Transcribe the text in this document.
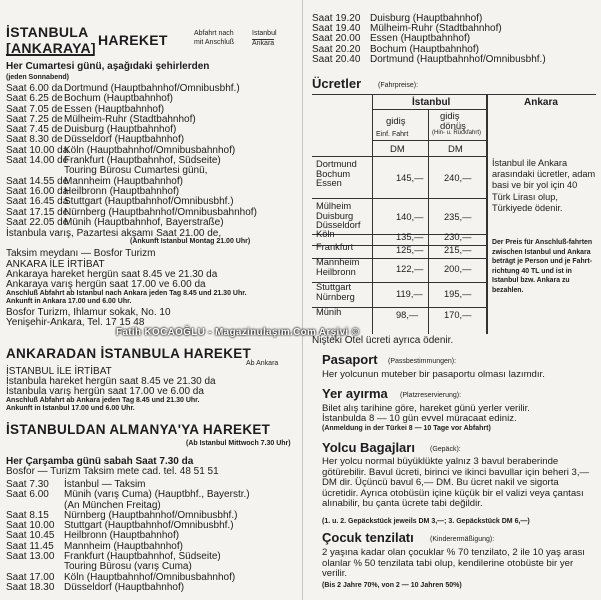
İSTANBULA
[ANKARAYA] HAREKET	Abfahrt nach
mit Anschluß
Istanbul
Ankara
Her Cumartesi günü, aşağıdaki şehirlerden
(jeden Sonnabend)
Saat 6.00 da Dortmund (Hauptbahnhof/Omnibusbhf.)
Saat 6.25 de Bochum (Hauptbahnhof)
Saat 7.05 de Essen (Hauptbahnhof)
Saat 7.25 de Mülheim-Ruhr (Stadtbahnhof)
Saat 7.45 de Duisburg (Hauptbahnhof)
Saat 8.30 de Düsseldorf (Hauptbahnhof)
Saat 10.00 da
Köln (Hauptbahnhof/Omnibusbahnhof)
Saat 14.00 de
Frankfurt (Hauptbahnhof, Südseite)
Touring Bürosu Cumartesi günü,
Saat 14.55 de
Mannheim (Hauptbahnhof)
Saat 16.00 da
Heilbronn (Hauptbahnhof)
Saat 16.45 da
Stuttgart (Hauptbahnhof/Omnibusbhf.)
Saat 17.15 de
Nürnberg (Hauptbahnhof/Omnibusbahnhof)
Saat 22.05 de
Münih (Hauptbahnhof, Bayerstraße)
İstanbula varış, Pazartesi akşamı Saat 21.00 de,
(Ankunft Istanbul Montag 21.00 Uhr)
Taksim meydanı — Bosfor Turizm
ANKARA İLE İRTİBAT
Ankaraya hareket hergün saat 8.45 ve 21.30 da
Ankaraya varış hergün saat 17.00 ve 6.00 da
Anschluß Abfahrt ab Istanbul nach Ankara jeden Tag 8.45 und 21.30 Uhr.
Ankunft in Ankara 17.00 und 6.00 Uhr.
Bosfor Turizm, Ihlamur sokak, No. 10
Yenişehir-Ankara, Tel. 17 15 48
ANKARADAN İSTANBULA HAREKET
Ab Ankara
İSTANBUL İLE İRTİBAT
İstanbula hareket hergün saat 8.45 ve 21.30 da
İstanbula varış hergün saat 17.00 ve 6.00 da
Anschluß Abfahrt ab Ankara jeden Tag 8.45 und 21.30 Uhr.
Ankunft in Istanbul 17.00 und 6.00 Uhr.
İSTANBULDAN ALMANYA'YA HAREKET
(Ab Istanbul Mittwoch 7.30 Uhr)
Her Çarşamba günü sabah Saat 7.30 da
Bosfor — Turizm Taksim mete cad. tel. 48 51 51
Saat 7.30	İstanbul — Taksim
Saat 6.00	Münih (varış Cuma) (Hauptbhf., Bayerstr.)
(An München Freitag)
Saat 8.15	Nürnberg (Hauptbahnhof/Omnibusbhf.)
Saat 10.00 Stuttgart (Hauptbahnhof/Omnibusbhf.)
Saat 10.45 Heilbronn (Hauptbahnhof)
Saat 11.45	Mannheim (Hauptbahnhof)
Saat 13.00 Frankfurt (Hauptbahnhof, Südseite)
Touring Bürosu (varış Cuma)
Saat 17.00 Köln (Hauptbahnhof/Omnibusbahnhof)
Saat 18.30 Düsseldorf (Hauptbahnhof)
Saat 19.20 Duisburg (Hauptbahnhof)
Saat 19.40 Mülheim-Ruhr (Stadtbahnhof)
Saat 20.00 Essen (Hauptbahnhof)
Saat 20.20 Bochum (Hauptbahnhof)
Saat 20.40 Dortmund (Hauptbahnhof/Omnibusbhf.)
Ücretler (Fahrpreise):
İstanbul	Ankara
gidiş	gidiş dönüş
Einf. Fahrt	(Hin- u. Rückfahrt)
DM	DM
Dortmund
Bochum
Essen
145,— 240,—
Mülheim
Duisburg
Düsseldorf
140,— 235,—
Köln	135,— 230,—
Frankfurt	125,— 215,—
Mannheim
Heilbronn	122,— 200,—
Stuttgart
Nürnberg	119,— 195,—
Münih	98,—	170,—
İstanbul ile Ankara arasındaki ücretler, adam basi ve bir yol için 40 Türk Lirası olup, Türkiyede ödenir.
Der Preis für Anschluß-fahrten zwischen Istanbul und Ankara beträgt je Person und je Fahrt-richtung 40 TL und ist in Istanbul bzw. Ankara zu bezahlen.
Nişteki Otel ücreti ayrıca ödenir.
Pasaport (Passbestimmungen):
Her yolcunun muteber bir pasaportu olması lazımdır.
Yer ayırma (Platzreservierung):
Bilet alış tarihine göre, hareket günü yerler verilir.
İstanbulda 8 — 10 gün evvel müracaat ediniz.
(Anmeldung in der Türkei 8 — 10 Tage vor Abfahrt)
Yolcu Bagajları (Gepäck):
Her yolcu normal büyüklükte yalnız 3 bavul beraberinde götürebilir. Bavul ücreti, birinci ve ikinci bavullar için beheri 3,— DM dir. Üçüncü bavul 6,— DM. Bu ücret nakil ve sigorta ücretidir. Ayrıca otobüsün içine küçük bir el valizi veya çantası alınabilir, bu çanta ücrete tabi değildir.
(1. u. 2. Gepäckstück jeweils DM 3,—; 3. Gepäckstück DM 6,—)
Çocuk tenzilatı (Kinderermäßigung):
2 yaşına kadar olan çocuklar % 70 tenzilato, 2 ile 10 yaş arası olanlar % 50 tenzilata tabi olup, kendilerine otobüste bir yer verilir.
(Bis 2 Jahre 70%, von 2 — 10 Jahren 50%)
Fatih KOCAOĞLU - Magazinulaşım.Com Arşivi ©
